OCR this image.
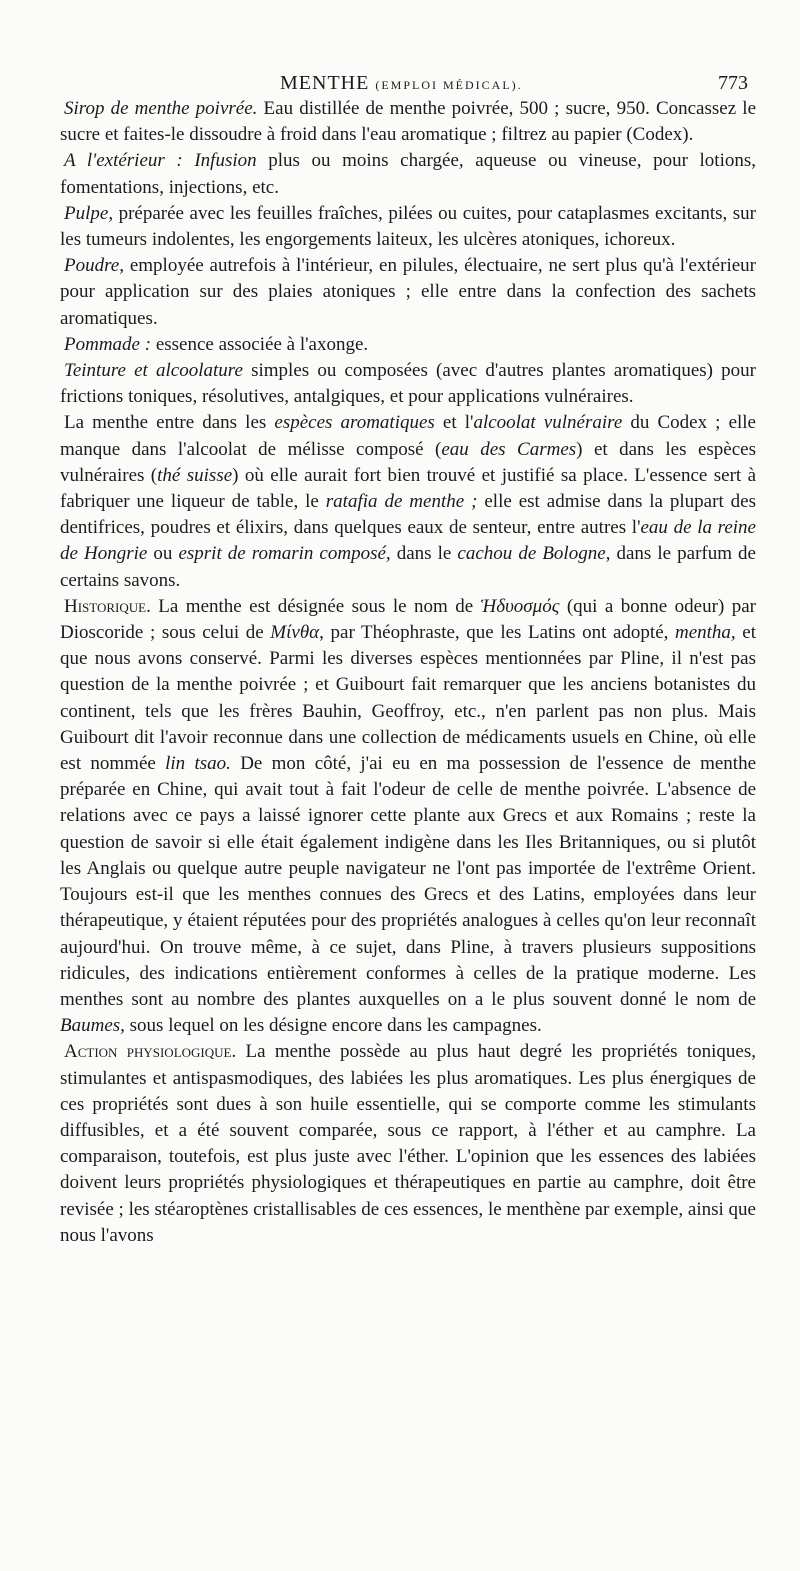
MENTHE (EMPLOI MÉDICAL).	773

Sirop de menthe poivrée. Eau distillée de menthe poivrée, 500 ; sucre, 950. Concassez le sucre et faites-le dissoudre à froid dans l'eau aromatique ; filtrez au papier (Codex).

A l'extérieur : Infusion plus ou moins chargée, aqueuse ou vineuse, pour lotions, fomentations, injections, etc.

Pulpe, préparée avec les feuilles fraîches, pilées ou cuites, pour cataplasmes excitants, sur les tumeurs indolentes, les engorgements laiteux, les ulcères atoniques, ichoreux.

Poudre, employée autrefois à l'intérieur, en pilules, électuaire, ne sert plus qu'à l'extérieur pour application sur des plaies atoniques ; elle entre dans la confection des sachets aromatiques.

Pommade : essence associée à l'axonge.

Teinture et alcoolature simples ou composées (avec d'autres plantes aromatiques) pour frictions toniques, résolutives, antalgiques, et pour applications vulnéraires.

La menthe entre dans les espèces aromatiques et l'alcoolat vulnéraire du Codex ; elle manque dans l'alcoolat de mélisse composé (eau des Carmes) et dans les espèces vulnéraires (thé suisse) où elle aurait fort bien trouvé et justifié sa place. L'essence sert à fabriquer une liqueur de table, le ratafia de menthe ; elle est admise dans la plupart des dentifrices, poudres et élixirs, dans quelques eaux de senteur, entre autres l'eau de la reine de Hongrie ou esprit de romarin composé, dans le cachou de Bologne, dans le parfum de certains savons.

Historique. La menthe est désignée sous le nom de Ἡδυοσμός (qui a bonne odeur) par Dioscoride ; sous celui de Μίνθα, par Théophraste, que les Latins ont adopté, mentha, et que nous avons conservé. Parmi les diverses espèces mentionnées par Pline, il n'est pas question de la menthe poivrée ; et Guibourt fait remarquer que les anciens botanistes du continent, tels que les frères Bauhin, Geoffroy, etc., n'en parlent pas non plus. Mais Guibourt dit l'avoir reconnue dans une collection de médicaments usuels en Chine, où elle est nommée lin tsao. De mon côté, j'ai eu en ma possession de l'essence de menthe préparée en Chine, qui avait tout à fait l'odeur de celle de menthe poivrée. L'absence de relations avec ce pays a laissé ignorer cette plante aux Grecs et aux Romains ; reste la question de savoir si elle était également indigène dans les Iles Britanniques, ou si plutôt les Anglais ou quelque autre peuple navigateur ne l'ont pas importée de l'extrême Orient. Toujours est-il que les menthes connues des Grecs et des Latins, employées dans leur thérapeutique, y étaient réputées pour des propriétés analogues à celles qu'on leur reconnaît aujourd'hui. On trouve même, à ce sujet, dans Pline, à travers plusieurs suppositions ridicules, des indications entièrement conformes à celles de la pratique moderne. Les menthes sont au nombre des plantes auxquelles on a le plus souvent donné le nom de Baumes, sous lequel on les désigne encore dans les campagnes.

Action physiologique. La menthe possède au plus haut degré les propriétés toniques, stimulantes et antispasmodiques, des labiées les plus aromatiques. Les plus énergiques de ces propriétés sont dues à son huile essentielle, qui se comporte comme les stimulants diffusibles, et a été souvent comparée, sous ce rapport, à l'éther et au camphre. La comparaison, toutefois, est plus juste avec l'éther. L'opinion que les essences des labiées doivent leurs propriétés physiologiques et thérapeutiques en partie au camphre, doit être revisée ; les stéaroptènes cristallisables de ces essences, le menthène par exemple, ainsi que nous l'avons
